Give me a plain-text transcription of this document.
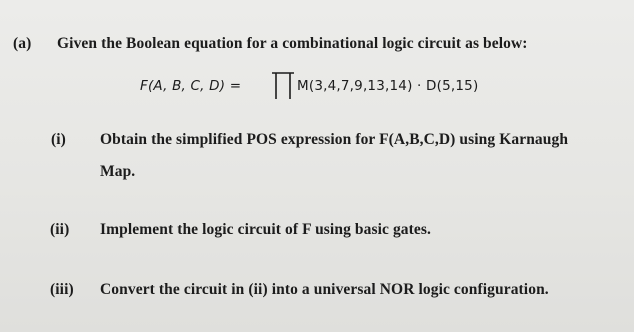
(a) Given the Boolean equation for a combinational logic circuit as below:
F(A, B, C, D) =	M(3,4,7,9,13,14) · D(5,15)
(i) Obtain the simplified POS expression for F(A,B,C,D) using Karnaugh
Map.
(ii) Implement the logic circuit of F using basic gates.
(iii) Convert the circuit in (ii) into a universal NOR logic configuration.
